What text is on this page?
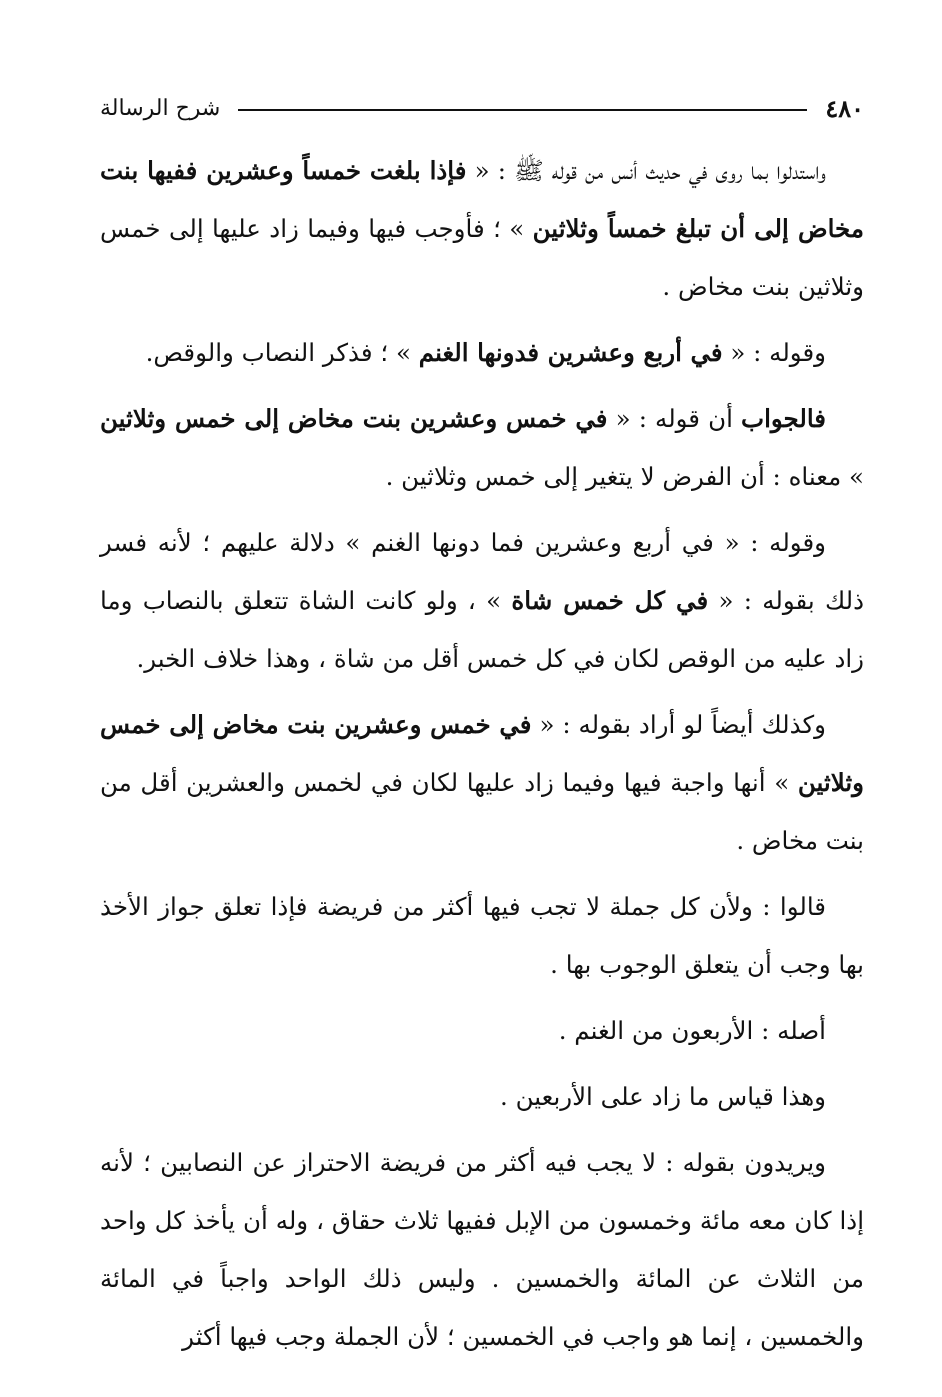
٤٨٠
شرح الرسالة

واستدلوا بما روى في حديث أنس من قوله ﷺ : « فإذا بلغت خمساً وعشرين ففيها بنت مخاض إلى أن تبلغ خمساً وثلاثين » ؛ فأوجب فيها وفيما زاد عليها إلى خمس وثلاثين بنت مخاض .

وقوله : « في أربع وعشرين فدونها الغنم » ؛ فذكر النصاب والوقص.

فالجواب أن قوله : « في خمس وعشرين بنت مخاض إلى خمس وثلاثين » معناه : أن الفرض لا يتغير إلى خمس وثلاثين .

وقوله : « في أربع وعشرين فما دونها الغنم » دلالة عليهم ؛ لأنه فسر ذلك بقوله : « في كل خمس شاة » ، ولو كانت الشاة تتعلق بالنصاب وما زاد عليه من الوقص لكان في كل خمس أقل من شاة ، وهذا خلاف الخبر.

وكذلك أيضاً لو أراد بقوله : « في خمس وعشرين بنت مخاض إلى خمس وثلاثين » أنها واجبة فيها وفيما زاد عليها لكان في لخمس والعشرين أقل من بنت مخاض .

قالوا : ولأن كل جملة لا تجب فيها أكثر من فريضة فإذا تعلق جواز الأخذ بها وجب أن يتعلق الوجوب بها .

أصله : الأربعون من الغنم .

وهذا قياس ما زاد على الأربعين .

ويريدون بقوله : لا يجب فيه أكثر من فريضة الاحتراز عن النصابين ؛ لأنه إذا كان معه مائة وخمسون من الإبل ففيها ثلاث حقاق ، وله أن يأخذ كل واحد من الثلاث عن المائة والخمسين . وليس ذلك الواحد واجباً في المائة والخمسين ، إنما هو واجب في الخمسين ؛ لأن الجملة وجب فيها أكثر
